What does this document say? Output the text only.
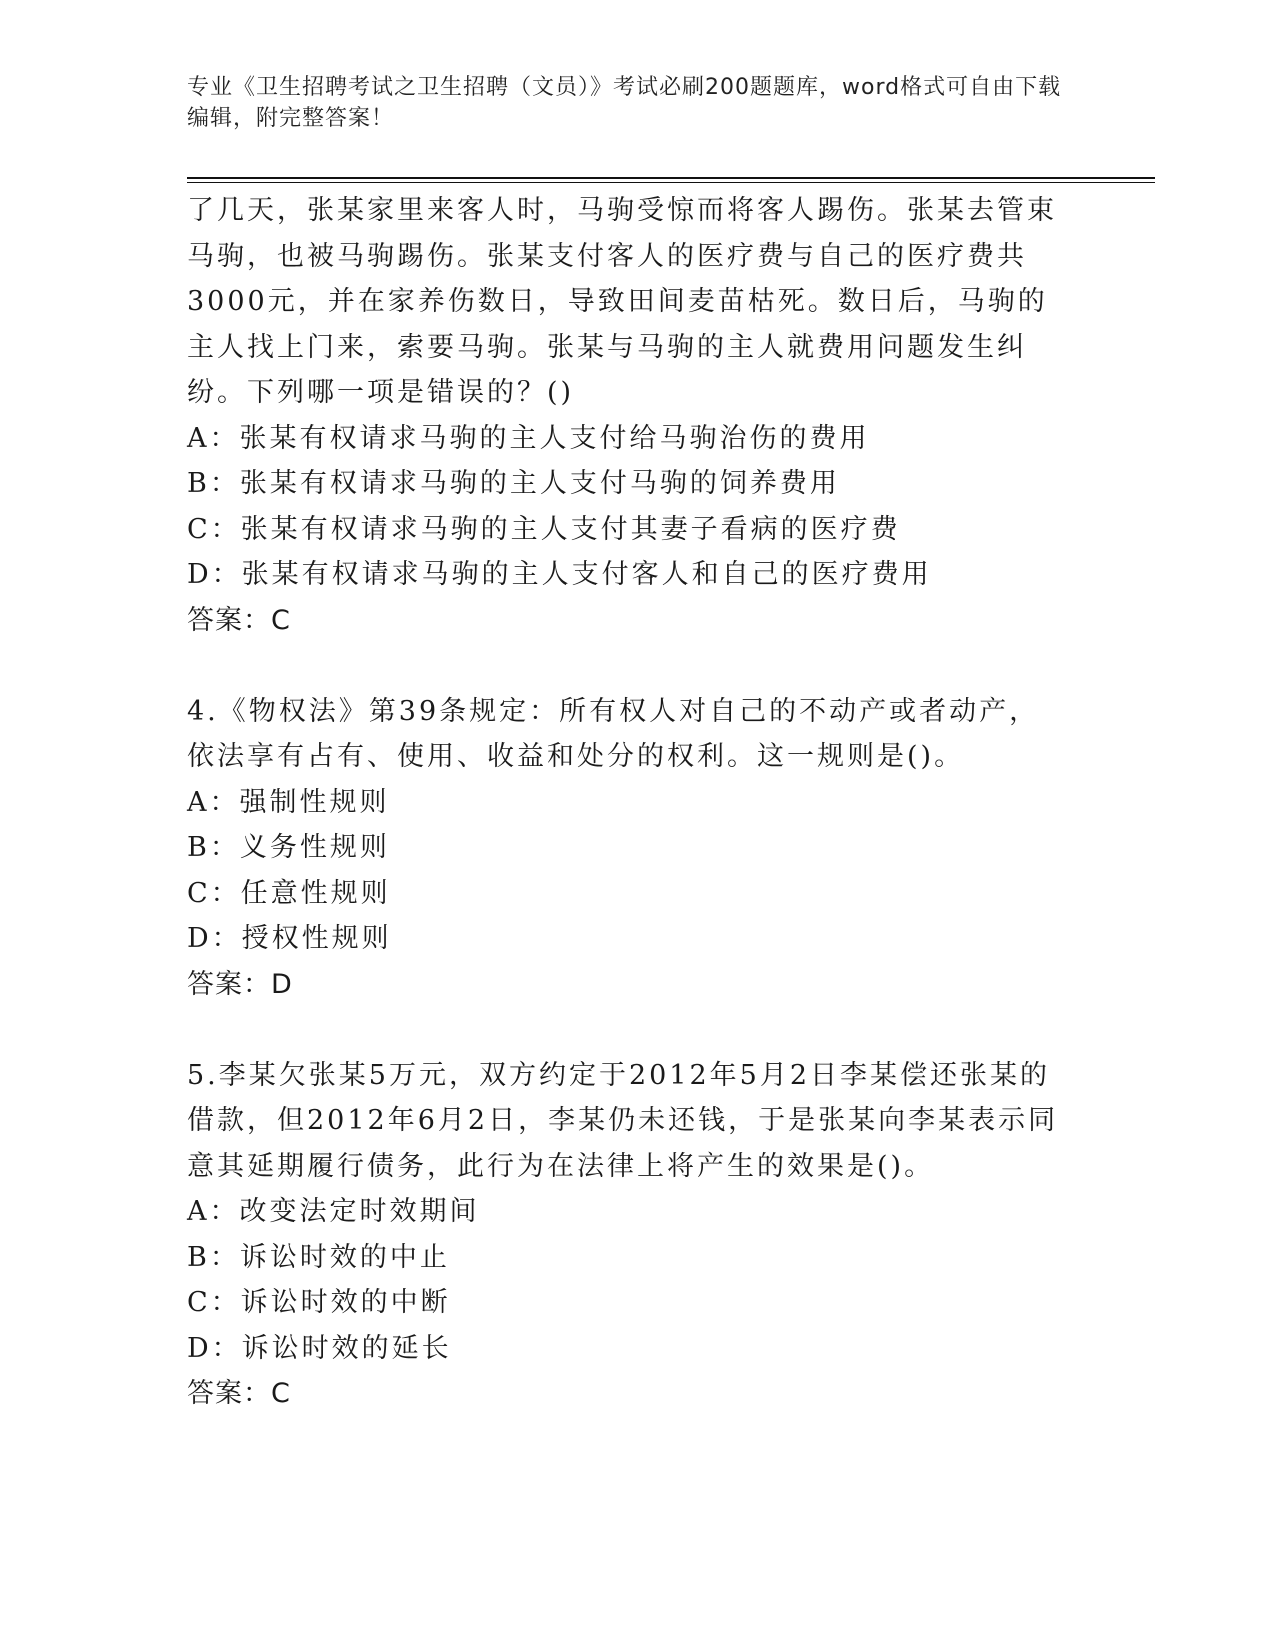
专业《卫生招聘考试之卫生招聘（文员）》考试必刷200题题库，word格式可自由下载编辑，附完整答案！

了几天，张某家里来客人时，马驹受惊而将客人踢伤。张某去管束马驹，也被马驹踢伤。张某支付客人的医疗费与自己的医疗费共3000元，并在家养伤数日，导致田间麦苗枯死。数日后，马驹的主人找上门来，索要马驹。张某与马驹的主人就费用问题发生纠纷。下列哪一项是错误的？()

A：张某有权请求马驹的主人支付给马驹治伤的费用

B：张某有权请求马驹的主人支付马驹的饲养费用

C：张某有权请求马驹的主人支付其妻子看病的医疗费

D：张某有权请求马驹的主人支付客人和自己的医疗费用

答案：C

4.《物权法》第39条规定：所有权人对自己的不动产或者动产，依法享有占有、使用、收益和处分的权利。这一规则是()。

A：强制性规则

B：义务性规则

C：任意性规则

D：授权性规则

答案：D

5.李某欠张某5万元，双方约定于2012年5月2日李某偿还张某的借款，但2012年6月2日，李某仍未还钱，于是张某向李某表示同意其延期履行债务，此行为在法律上将产生的效果是()。

A：改变法定时效期间

B：诉讼时效的中止

C：诉讼时效的中断

D：诉讼时效的延长

答案：C
